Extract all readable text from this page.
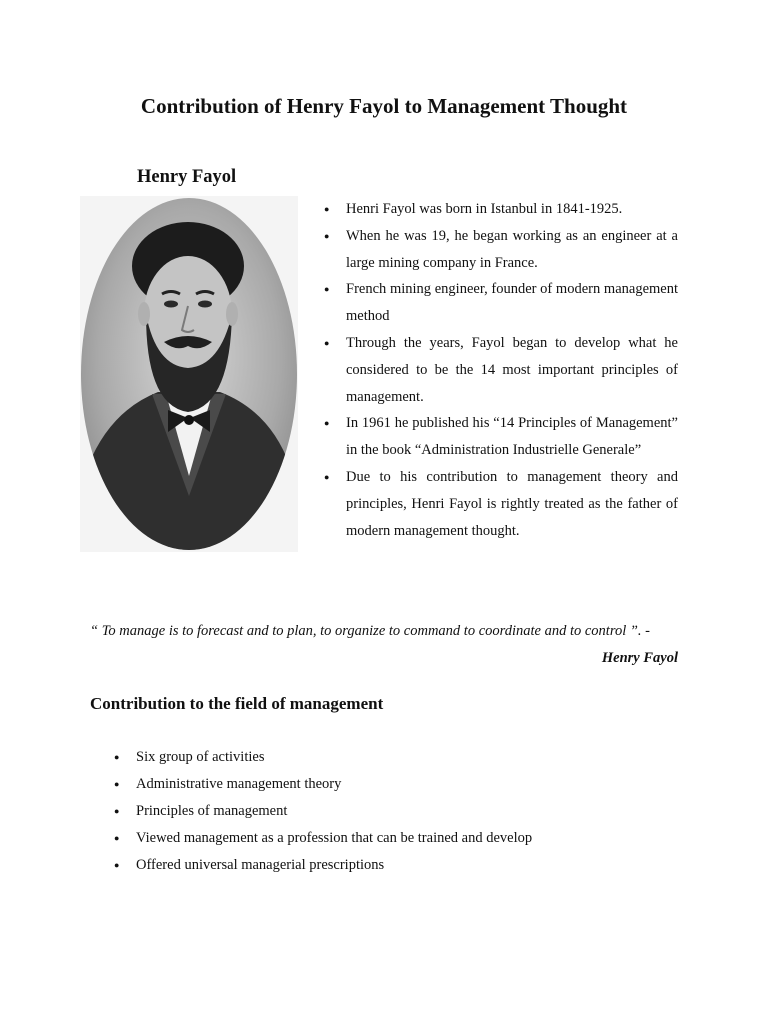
Contribution of Henry Fayol to Management Thought
Henry Fayol
● Henri Fayol was born in Istanbul in 1841-1925.
● When he was 19, he began working as an engineer at a large mining company in France.
● French mining engineer, founder of modern management method
● Through the years, Fayol began to develop what he considered to be the 14 most important principles of management.
● In 1961 he published his “14 Principles of Management” in the book “Administration Industrielle Generale”
● Due to his contribution to management theory and principles, Henri Fayol is rightly treated as the father of modern management thought.

“ To manage is to forecast and to plan, to organize to command to coordinate and to control ”. -
Henry Fayol

Contribution to the field of management
● Six group of activities
● Administrative management theory
● Principles of management
● Viewed management as a profession that can be trained and develop
● Offered universal managerial prescriptions
